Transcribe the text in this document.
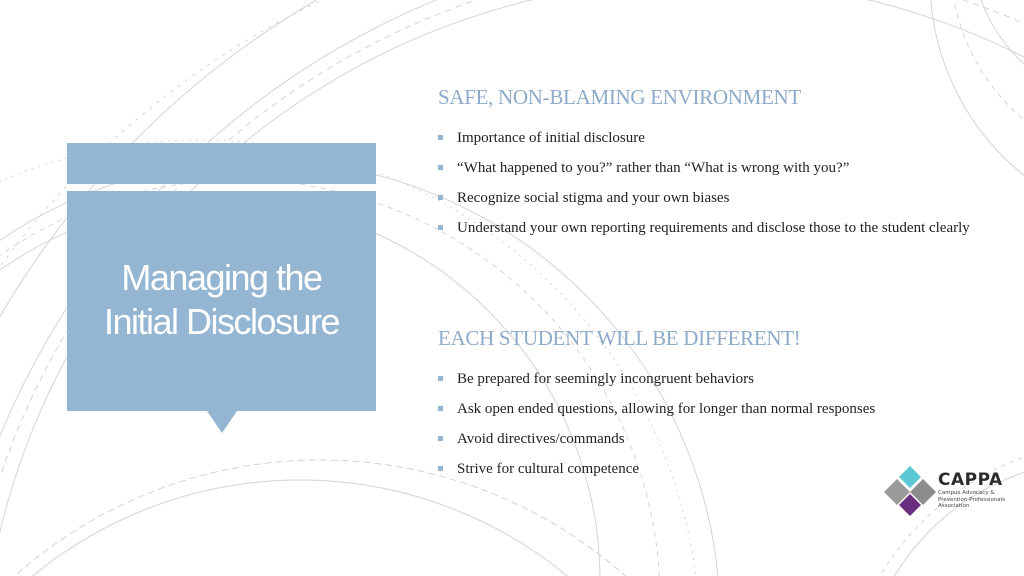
Managing the
Initial Disclosure
SAFE, NON-BLAMING ENVIRONMENT
Importance of initial disclosure
“What happened to you?” rather than “What is wrong with you?”
Recognize social stigma and your own biases
Understand your own reporting requirements and disclose those to the student clearly
EACH STUDENT WILL BE DIFFERENT!
Be prepared for seemingly incongruent behaviors
Ask open ended questions, allowing for longer than normal responses
Avoid directives/commands
Strive for cultural competence
CAPPA
Campus Advocacy & Prevention Professionals Association
